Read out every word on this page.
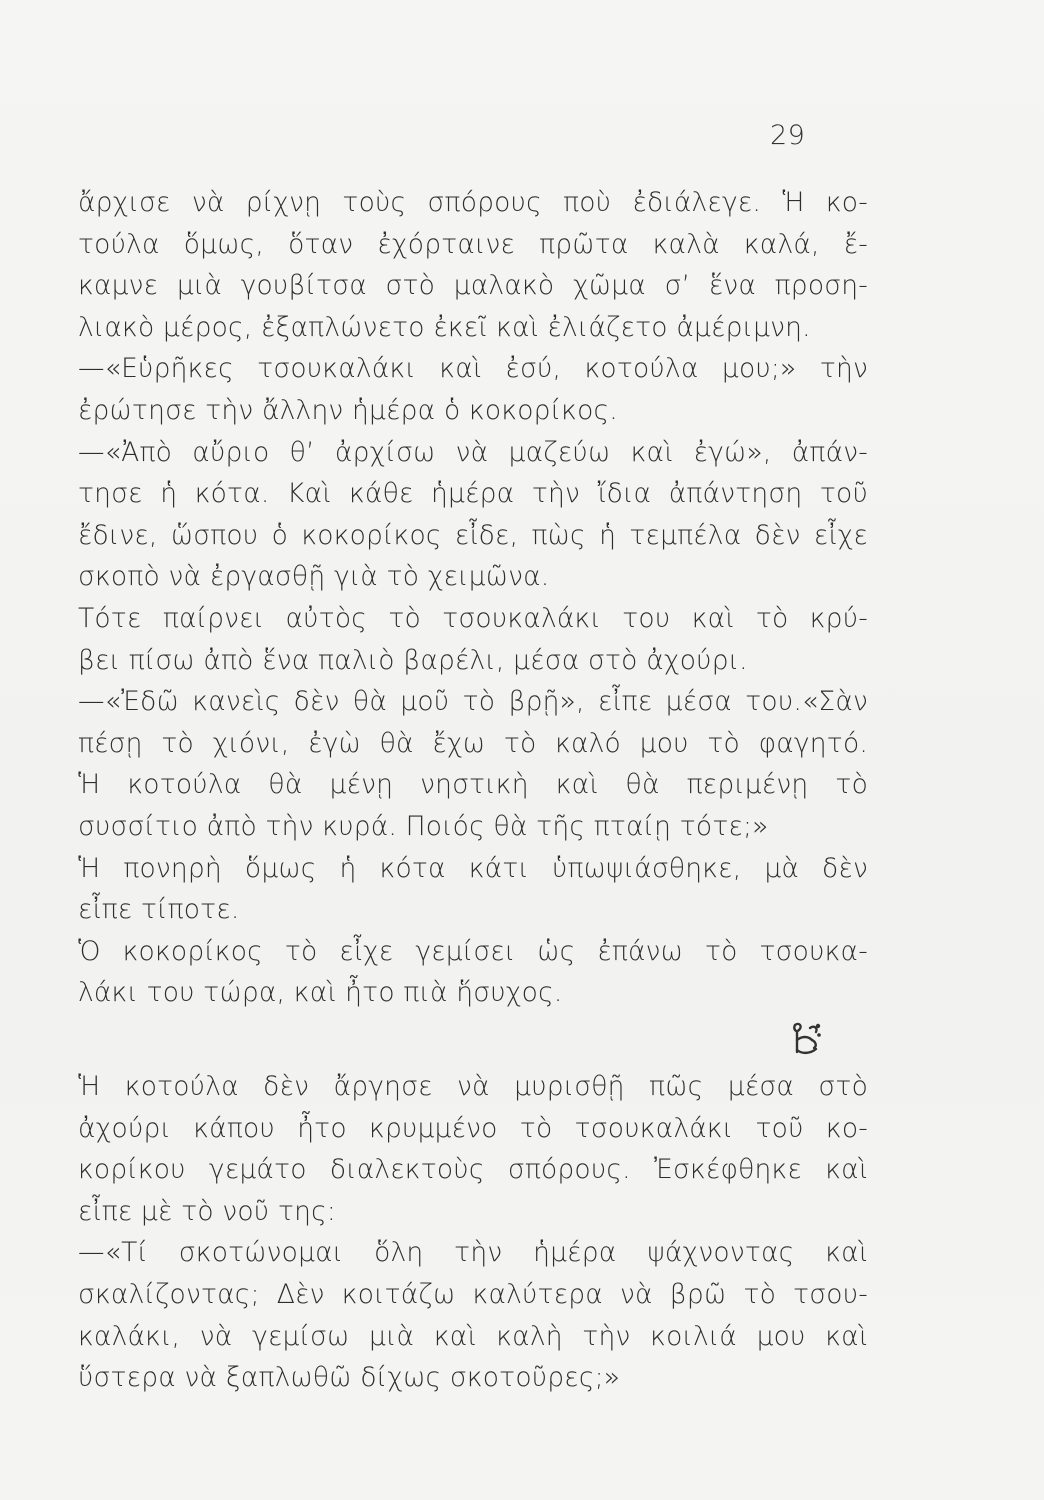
29
ἄρχισε νὰ ρίχνῃ τοὺς σπόρους ποὺ ἐδιάλεγε. Ἡ κο-
τούλα ὅμως, ὅταν ἐχόρταινε πρῶτα καλὰ καλά, ἔ-
καμνε μιὰ γουβίτσα στὸ μαλακὸ χῶμα σ’ ἕνα προση-
λιακὸ μέρος, ἐξαπλώνετο ἐκεῖ καὶ ἐλιάζετο ἀμέριμνη.
—«Εὑρῆκες τσουκαλάκι καὶ ἐσύ, κοτούλα μου;» τὴν
ἐρώτησε τὴν ἄλλην ἡμέρα ὁ κοκορίκος.
—«Ἀπὸ αὔριο θ’ ἀρχίσω νὰ μαζεύω καὶ ἐγώ», ἀπάν-
τησε ἡ κότα. Καὶ κάθε ἡμέρα τὴν ἴδια ἀπάντηση τοῦ
ἔδινε, ὥσπου ὁ κοκορίκος εἶδε, πὼς ἡ τεμπέλα δὲν εἶχε
σκοπὸ νὰ ἐργασθῇ γιὰ τὸ χειμῶνα.
Τότε παίρνει αὐτὸς τὸ τσουκαλάκι του καὶ τὸ κρύ-
βει πίσω ἀπὸ ἕνα παλιὸ βαρέλι, μέσα στὸ ἀχούρι.
—«Ἐδῶ κανεὶς δὲν θὰ μοῦ τὸ βρῇ», εἶπε μέσα του.«Σὰν
πέσῃ τὸ χιόνι, ἐγὼ θὰ ἔχω τὸ καλό μου τὸ φαγητό.
Ἡ κοτούλα θὰ μένῃ νηστικὴ καὶ θὰ περιμένῃ τὸ
συσσίτιο ἀπὸ τὴν κυρά. Ποιός θὰ τῆς πταίῃ τότε;»
Ἡ πονηρὴ ὅμως ἡ κότα κάτι ὑπωψιάσθηκε, μὰ δὲν
εἶπε τίποτε.
Ὁ κοκορίκος τὸ εἶχε γεμίσει ὡς ἐπάνω τὸ τσουκα-
λάκι του τώρα, καὶ ἦτο πιὰ ἥσυχος.
Ἡ κοτούλα δὲν ἄργησε νὰ μυρισθῇ πῶς μέσα στὸ
ἀχούρι κάπου ἦτο κρυμμένο τὸ τσουκαλάκι τοῦ κο-
κορίκου γεμάτο διαλεκτοὺς σπόρους. Ἐσκέφθηκε καὶ
εἶπε μὲ τὸ νοῦ της:
—«Τί σκοτώνομαι ὅλη τὴν ἡμέρα ψάχνοντας καὶ
σκαλίζοντας; Δὲν κοιτάζω καλύτερα νὰ βρῶ τὸ τσου-
καλάκι, νὰ γεμίσω μιὰ καὶ καλὴ τὴν κοιλιά μου καὶ
ὕστερα νὰ ξαπλωθῶ δίχως σκοτοῦρες;»
